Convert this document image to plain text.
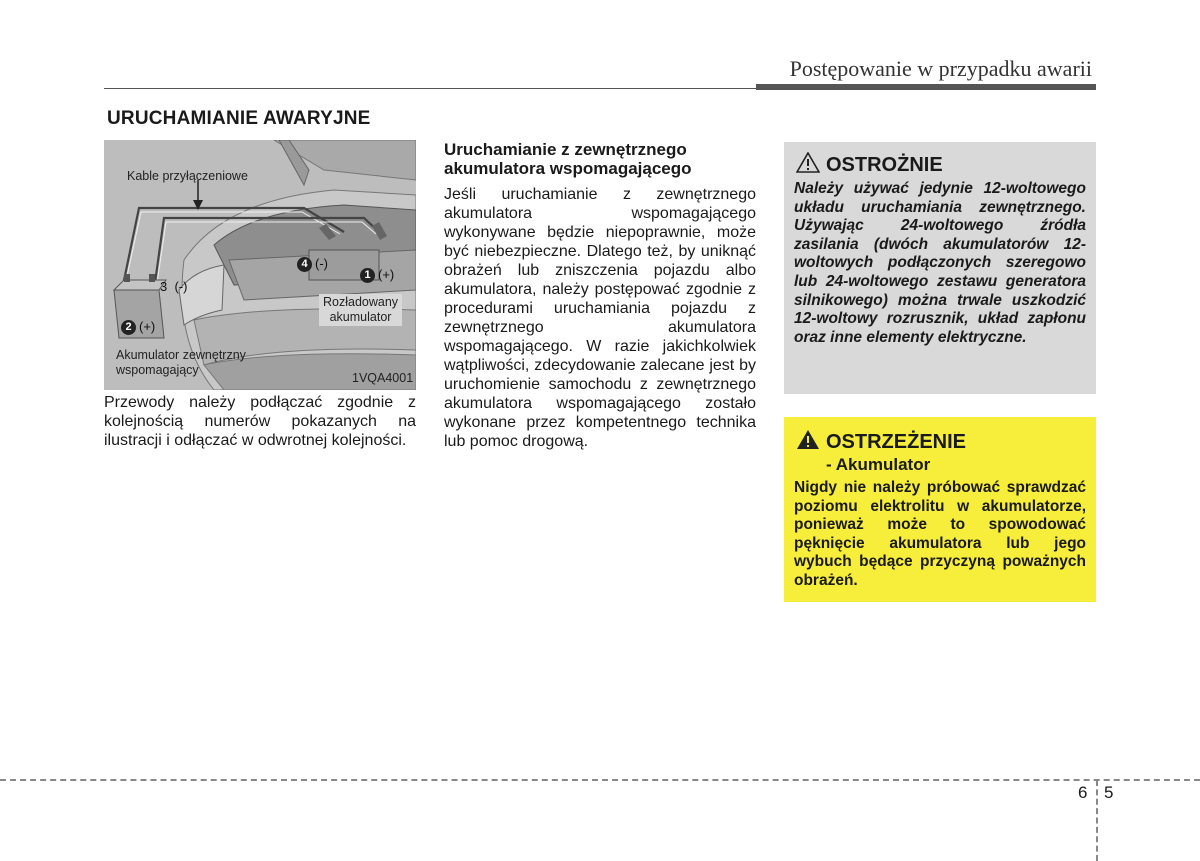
Postępowanie w przypadku awarii
URUCHAMIANIE AWARYJNE
Kable przyłączeniowe
4 (-)
1 (+)
3  (-)
2 (+)
Rozładowany
akumulator
Akumulator zewnętrzny
wspomagający
1VQA4001
Przewody należy podłączać zgodnie z kolejnością numerów pokazanych na ilustracji i odłączać w odwrotnej kolejności.
Uruchamianie z zewnętrznego akumulatora wspomagającego
Jeśli uruchamianie z zewnętrznego akumulatora wspomagającego wykonywane będzie niepoprawnie, może być niebezpieczne. Dlatego też, by uniknąć obrażeń lub zniszczenia pojazdu albo akumulatora, należy postępować zgodnie z procedurami uruchamiania pojazdu z zewnętrznego akumulatora wspomagającego. W razie jakichkolwiek wątpliwości, zdecydowanie zalecane jest by uruchomienie samochodu z zewnętrznego akumulatora wspomagającego zostało wykonane przez kompetentnego technika lub pomoc drogową.
OSTROŻNIE
Należy używać jedynie 12-woltowego układu uruchamiania zewnętrznego. Używając 24-woltowego źródła zasilania (dwóch akumulatorów 12-woltowych podłączonych szeregowo lub 24-woltowego zestawu generatora silnikowego) można trwale uszkodzić 12-woltowy rozrusznik, układ zapłonu oraz inne elementy elektryczne.
OSTRZEŻENIE
- Akumulator
Nigdy nie należy próbować sprawdzać poziomu elektrolitu w akumulatorze, ponieważ może to spowodować pęknięcie akumulatora lub jego wybuch będące przyczyną poważnych obrażeń.
6 5
